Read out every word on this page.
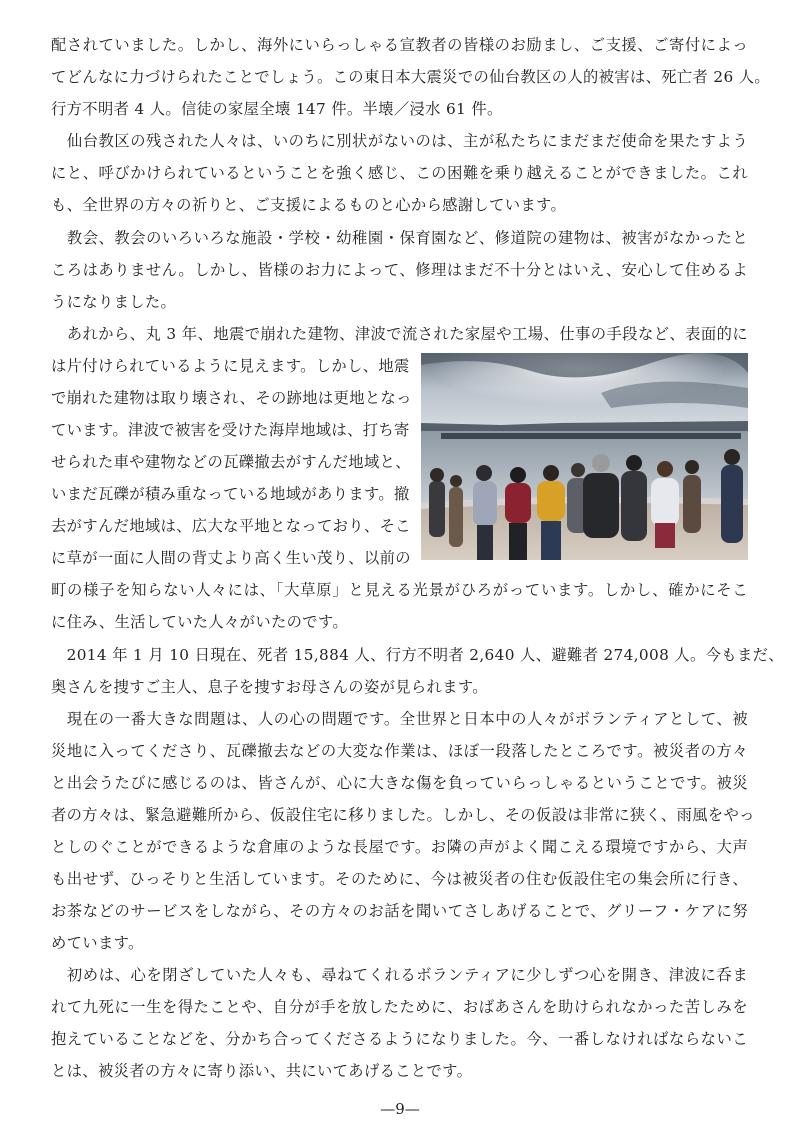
配されていました。しかし、海外にいらっしゃる宣教者の皆様のお励まし、ご支援、ご寄付によっ
てどんなに力づけられたことでしょう。この東日本大震災での仙台教区の人的被害は、死亡者 26 人。
行方不明者 4 人。信徒の家屋全壊 147 件。半壊／浸水 61 件。
　仙台教区の残された人々は、いのちに別状がないのは、主が私たちにまだまだ使命を果たすよう
にと、呼びかけられているということを強く感じ、この困難を乗り越えることができました。これ
も、全世界の方々の祈りと、ご支援によるものと心から感謝しています。
　教会、教会のいろいろな施設・学校・幼稚園・保育園など、修道院の建物は、被害がなかったと
ころはありません。しかし、皆様のお力によって、修理はまだ不十分とはいえ、安心して住めるよ
うになりました。
　あれから、丸 3 年、地震で崩れた建物、津波で流された家屋や工場、仕事の手段など、表面的に
は片付けられているように見えます。しかし、地震
で崩れた建物は取り壊され、その跡地は更地となっ
ています。津波で被害を受けた海岸地域は、打ち寄
せられた車や建物などの瓦礫撤去がすんだ地域と、
いまだ瓦礫が積み重なっている地域があります。撤
去がすんだ地域は、広大な平地となっており、そこ
に草が一面に人間の背丈より高く生い茂り、以前の
町の様子を知らない人々には、「大草原」と見える光景がひろがっています。しかし、確かにそこ
に住み、生活していた人々がいたのです。
　2014 年 1 月 10 日現在、死者 15,884 人、行方不明者 2,640 人、避難者 274,008 人。今もまだ、
奥さんを捜すご主人、息子を捜すお母さんの姿が見られます。
　現在の一番大きな問題は、人の心の問題です。全世界と日本中の人々がボランティアとして、被
災地に入ってくださり、瓦礫撤去などの大変な作業は、ほぼ一段落したところです。被災者の方々
と出会うたびに感じるのは、皆さんが、心に大きな傷を負っていらっしゃるということです。被災
者の方々は、緊急避難所から、仮設住宅に移りました。しかし、その仮設は非常に狭く、雨風をやっ
としのぐことができるような倉庫のような長屋です。お隣の声がよく聞こえる環境ですから、大声
も出せず、ひっそりと生活しています。そのために、今は被災者の住む仮設住宅の集会所に行き、
お茶などのサービスをしながら、その方々のお話を聞いてさしあげることで、グリーフ・ケアに努
めています。
　初めは、心を閉ざしていた人々も、尋ねてくれるボランティアに少しずつ心を開き、津波に呑ま
れて九死に一生を得たことや、自分が手を放したために、おばあさんを助けられなかった苦しみを
抱えていることなどを、分かち合ってくださるようになりました。今、一番しなければならないこ
とは、被災者の方々に寄り添い、共にいてあげることです。
—9—
